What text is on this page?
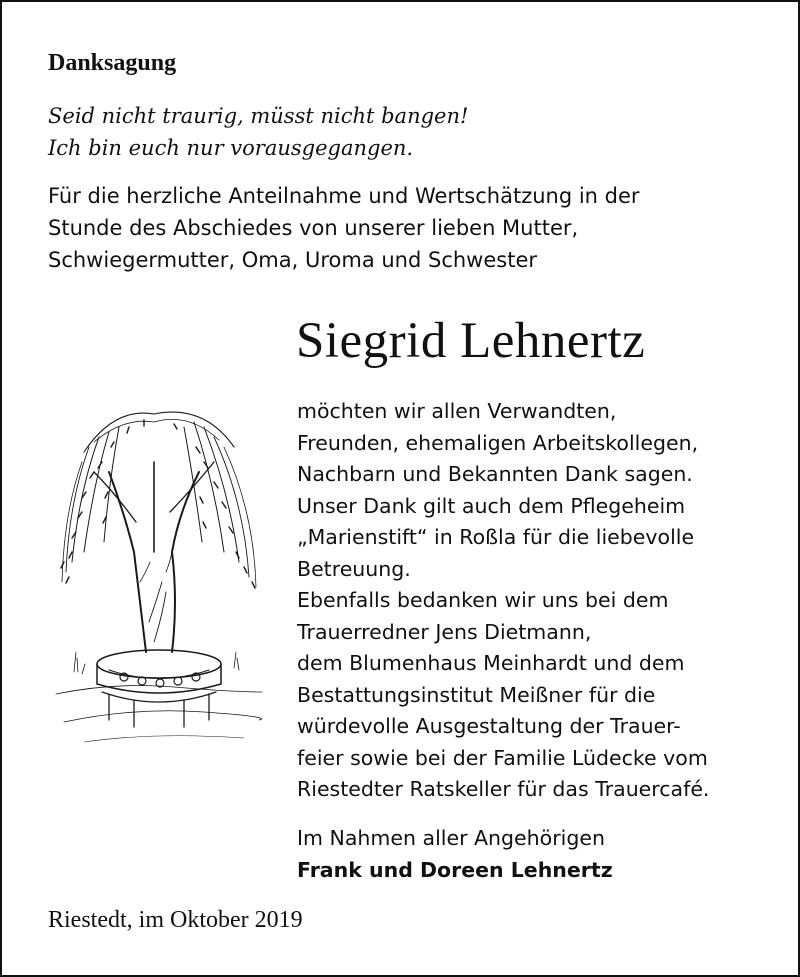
Danksagung
Seid nicht traurig, müsst nicht bangen!
Ich bin euch nur vorausgegangen.
Für die herzliche Anteilnahme und Wertschätzung in der
Stunde des Abschiedes von unserer lieben Mutter,
Schwiegermutter, Oma, Uroma und Schwester
Siegrid Lehnertz
möchten wir allen Verwandten,
Freunden, ehemaligen Arbeitskollegen,
Nachbarn und Bekannten Dank sagen.
Unser Dank gilt auch dem Pflegeheim
„Marienstift“ in Roßla für die liebevolle
Betreuung.
Ebenfalls bedanken wir uns bei dem
Trauerredner Jens Dietmann,
dem Blumenhaus Meinhardt und dem
Bestattungsinstitut Meißner für die
würdevolle Ausgestaltung der Trauer-
feier sowie bei der Familie Lüdecke vom
Riestedter Ratskeller für das Trauercafé.
Im Nahmen aller Angehörigen
Frank und Doreen Lehnertz
Riestedt, im Oktober 2019
